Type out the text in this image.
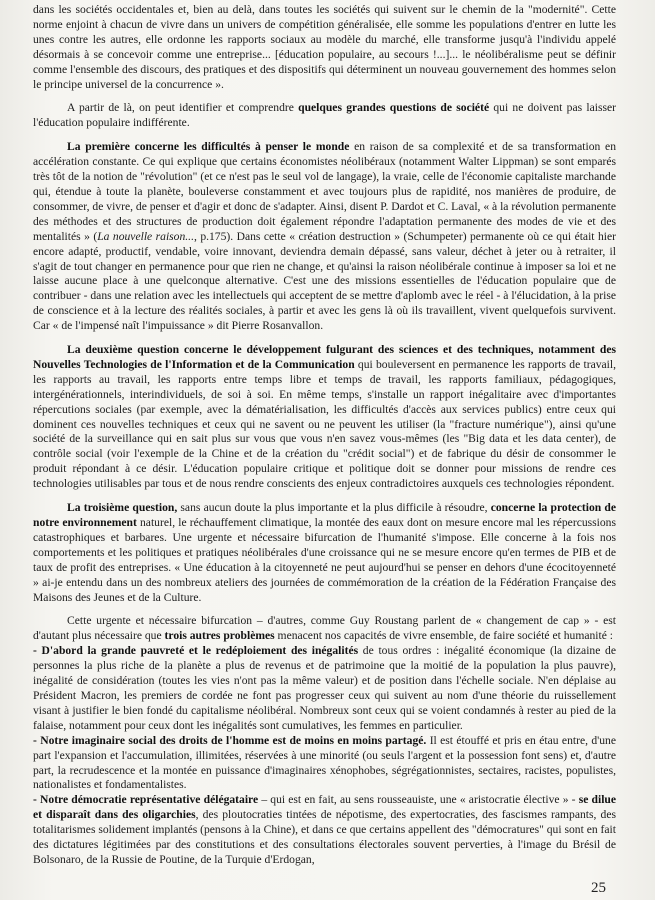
dans les sociétés occidentales et, bien au delà, dans toutes les sociétés qui suivent sur le chemin de la "modernité". Cette norme enjoint à chacun de vivre dans un univers de compétition généralisée, elle somme les populations d'entrer en lutte les unes contre les autres, elle ordonne les rapports sociaux au modèle du marché, elle transforme jusqu'à l'individu appelé désormais à se concevoir comme une entreprise... [éducation populaire, au secours !...]... le néolibéralisme peut se définir comme l'ensemble des discours, des pratiques et des dispositifs qui déterminent un nouveau gouvernement des hommes selon le principe universel de la concurrence ».

A partir de là, on peut identifier et comprendre quelques grandes questions de société qui ne doivent pas laisser l'éducation populaire indifférente.

La première concerne les difficultés à penser le monde en raison de sa complexité et de sa transformation en accélération constante. Ce qui explique que certains économistes néolibéraux (notamment Walter Lippman) se sont emparés très tôt de la notion de "révolution" (et ce n'est pas le seul vol de langage), la vraie, celle de l'économie capitaliste marchande qui, étendue à toute la planète, bouleverse constamment et avec toujours plus de rapidité, nos manières de produire, de consommer, de vivre, de penser et d'agir et donc de s'adapter. Ainsi, disent P. Dardot et C. Laval, « à la révolution permanente des méthodes et des structures de production doit également répondre l'adaptation permanente des modes de vie et des mentalités » (La nouvelle raison..., p.175). Dans cette « création destruction » (Schumpeter) permanente où ce qui était hier encore adapté, productif, vendable, voire innovant, deviendra demain dépassé, sans valeur, déchet à jeter ou à retraiter, il s'agit de tout changer en permanence pour que rien ne change, et qu'ainsi la raison néolibérale continue à imposer sa loi et ne laisse aucune place à une quelconque alternative. C'est une des missions essentielles de l'éducation populaire que de contribuer - dans une relation avec les intellectuels qui acceptent de se mettre d'aplomb avec le réel - à l'élucidation, à la prise de conscience et à la lecture des réalités sociales, à partir et avec les gens là où ils travaillent, vivent quelquefois survivent. Car « de l'impensé naît l'impuissance » dit Pierre Rosanvallon.

La deuxième question concerne le développement fulgurant des sciences et des techniques, notamment des Nouvelles Technologies de l'Information et de la Communication qui bouleversent en permanence les rapports de travail, les rapports au travail, les rapports entre temps libre et temps de travail, les rapports familiaux, pédagogiques, intergénérationnels, interindividuels, de soi à soi. En même temps, s'installe un rapport inégalitaire avec d'importantes répercutions sociales (par exemple, avec la dématérialisation, les difficultés d'accès aux services publics) entre ceux qui dominent ces nouvelles techniques et ceux qui ne savent ou ne peuvent les utiliser (la "fracture numérique"), ainsi qu'une société de la surveillance qui en sait plus sur vous que vous n'en savez vous-mêmes (les "Big data et les data center), de contrôle social (voir l'exemple de la Chine et de la création du "crédit social") et de fabrique du désir de consommer le produit répondant à ce désir. L'éducation populaire critique et politique doit se donner pour missions de rendre ces technologies utilisables par tous et de nous rendre conscients des enjeux contradictoires auxquels ces technologies répondent.

La troisième question, sans aucun doute la plus importante et la plus difficile à résoudre, concerne la protection de notre environnement naturel, le réchauffement climatique, la montée des eaux dont on mesure encore mal les répercussions catastrophiques et barbares. Une urgente et nécessaire bifurcation de l'humanité s'impose. Elle concerne à la fois nos comportements et les politiques et pratiques néolibérales d'une croissance qui ne se mesure encore qu'en termes de PIB et de taux de profit des entreprises. « Une éducation à la citoyenneté ne peut aujourd'hui se penser en dehors d'une écocitoyenneté » ai-je entendu dans un des nombreux ateliers des journées de commémoration de la création de la Fédération Française des Maisons des Jeunes et de la Culture.

Cette urgente et nécessaire bifurcation – d'autres, comme Guy Roustang parlent de « changement de cap » - est d'autant plus nécessaire que trois autres problèmes menacent nos capacités de vivre ensemble, de faire société et humanité :

- D'abord la grande pauvreté et le redéploiement des inégalités de tous ordres : inégalité économique (la dizaine de personnes la plus riche de la planète a plus de revenus et de patrimoine que la moitié de la population la plus pauvre), inégalité de considération (toutes les vies n'ont pas la même valeur) et de position dans l'échelle sociale. N'en déplaise au Président Macron, les premiers de cordée ne font pas progresser ceux qui suivent au nom d'une théorie du ruissellement visant à justifier le bien fondé du capitalisme néolibéral. Nombreux sont ceux qui se voient condamnés à rester au pied de la falaise, notamment pour ceux dont les inégalités sont cumulatives, les femmes en particulier.

- Notre imaginaire social des droits de l'homme est de moins en moins partagé. Il est étouffé et pris en étau entre, d'une part l'expansion et l'accumulation, illimitées, réservées à une minorité (ou seuls l'argent et la possession font sens) et, d'autre part, la recrudescence et la montée en puissance d'imaginaires xénophobes, ségrégationnistes, sectaires, racistes, populistes, nationalistes et fondamentalistes.

- Notre démocratie représentative délégataire – qui est en fait, au sens rousseauiste, une « aristocratie élective » - se dilue et disparaît dans des oligarchies, des ploutocraties tintées de népotisme, des expertocraties, des fascismes rampants, des totalitarismes solidement implantés (pensons à la Chine), et dans ce que certains appellent des "démocratures" qui sont en fait des dictatures légitimées par des constitutions et des consultations électorales souvent perverties, à l'image du Brésil de Bolsonaro, de la Russie de Poutine, de la Turquie d'Erdogan,

25
